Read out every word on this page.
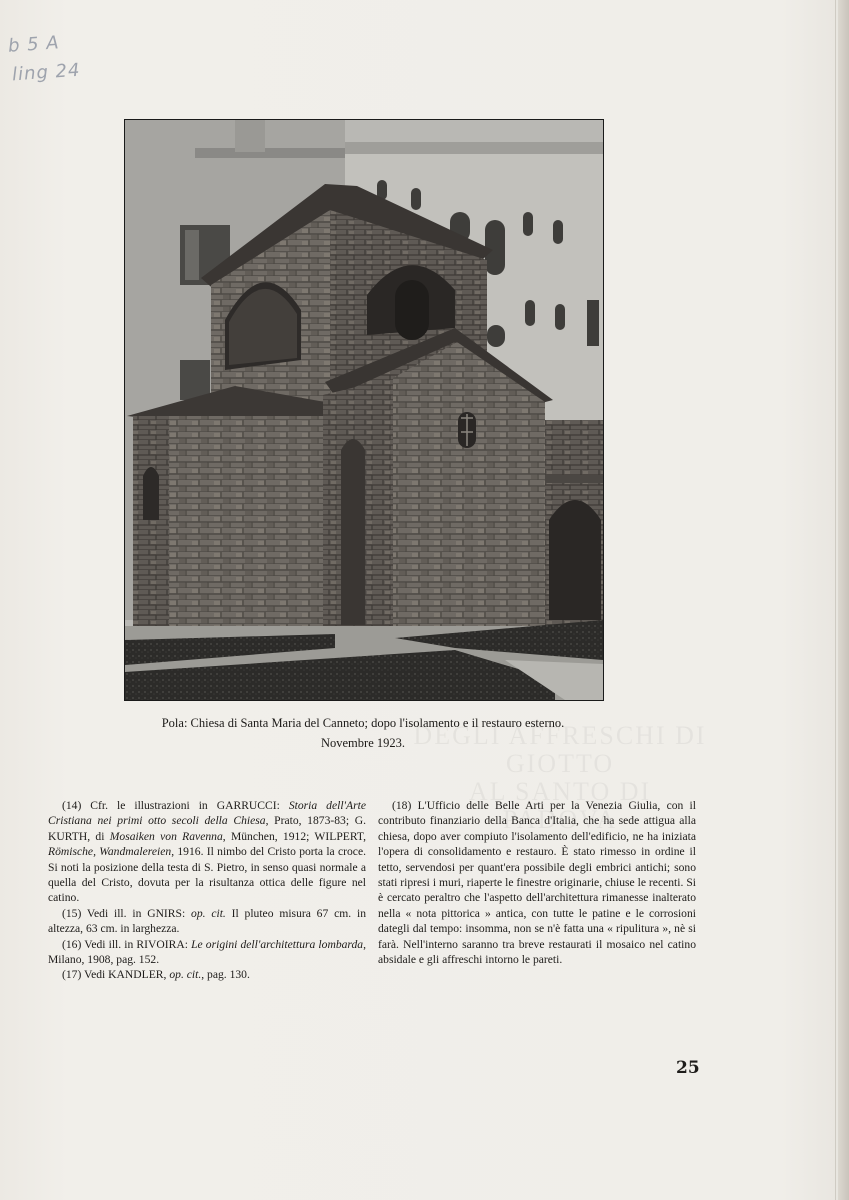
b 5 A
ling 24
Pola: Chiesa di Santa Maria del Canneto; dopo l'isolamento e il restauro esterno.
Novembre 1923.

(14) Cfr. le illustrazioni in GARRUCCI: Storia dell'Arte Cristiana nei primi otto secoli della Chiesa, Prato, 1873-83; G. KURTH, di Mosaiken von Ravenna, München, 1912; WILPERT, Römische, Wandmalereien, 1916. Il nimbo del Cristo porta la croce. Si noti la posizione della testa di S. Pietro, in senso quasi normale a quella del Cristo, dovuta per la risultanza ottica delle figure nel catino.

(15) Vedi ill. in GNIRS: op. cit. Il pluteo misura 67 cm. in altezza, 63 cm. in larghezza.

(16) Vedi ill. in RIVOIRA: Le origini dell'architettura lombarda, Milano, 1908, pag. 152.

(17) Vedi KANDLER, op. cit., pag. 130.

(18) L'Ufficio delle Belle Arti per la Venezia Giulia, con il contributo finanziario della Banca d'Italia, che ha sede attigua alla chiesa, dopo aver compiuto l'isolamento dell'edificio, ne ha iniziata l'opera di consolidamento e restauro. È stato rimesso in ordine il tetto, servendosi per quant'era possibile degli embrici antichi; sono stati ripresi i muri, riaperte le finestre originarie, chiuse le recenti. Si è cercato peraltro che l'aspetto dell'architettura rimanesse inalterato nella « nota pittorica » antica, con tutte le patine e le corrosioni dategli dal tempo: insomma, non se n'è fatta una « ripulitura », nè si farà. Nell'interno saranno tra breve restaurati il mosaico nel catino absidale e gli affreschi intorno le pareti.

25
